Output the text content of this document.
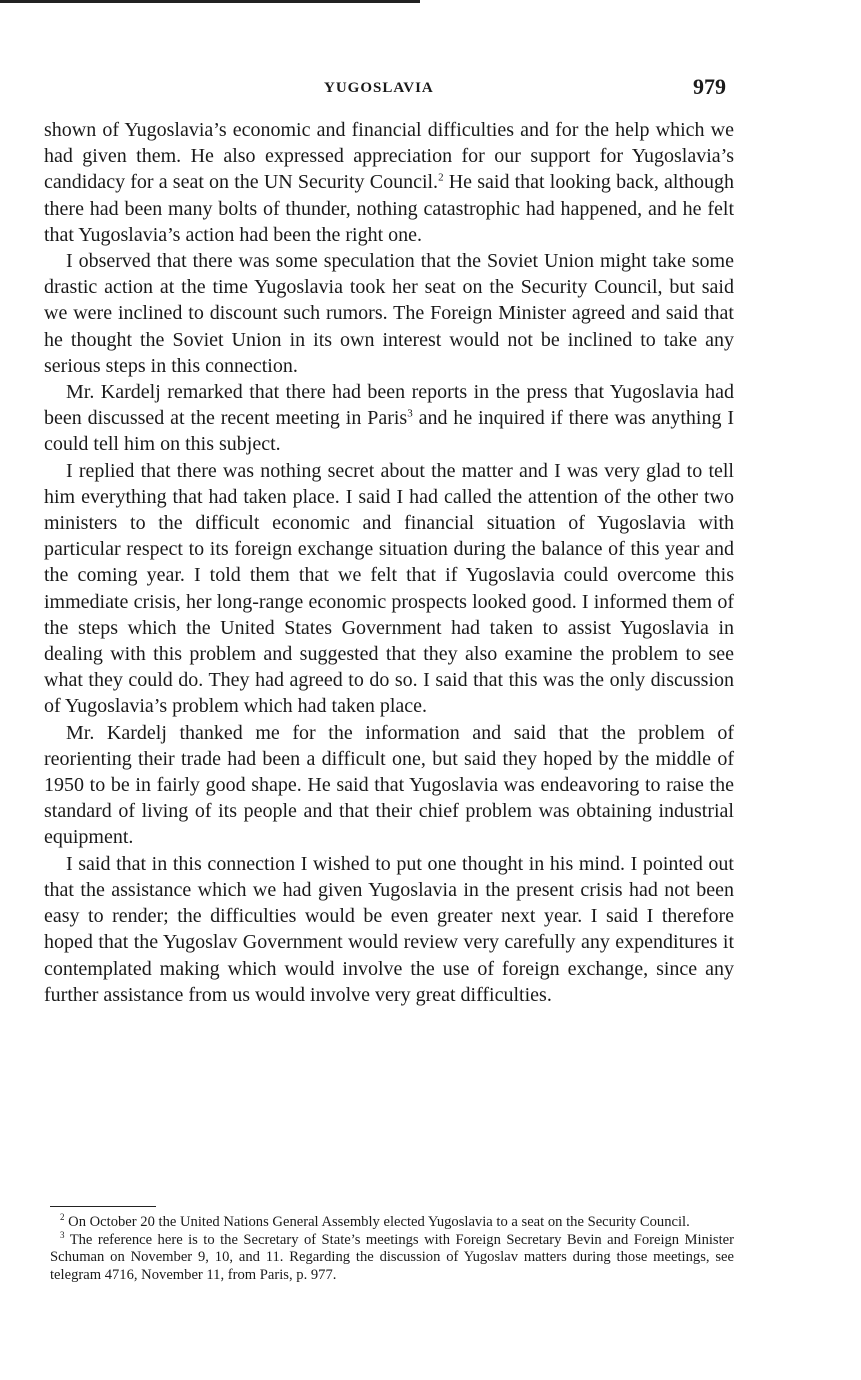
YUGOSLAVIA	979

shown of Yugoslavia’s economic and financial difficulties and for the help which we had given them. He also expressed appreciation for our support for Yugoslavia’s candidacy for a seat on the UN Security Council.$^2$ He said that looking back, although there had been many bolts of thunder, nothing catastrophic had happened, and he felt that Yugoslavia’s action had been the right one.

I observed that there was some speculation that the Soviet Union might take some drastic action at the time Yugoslavia took her seat on the Security Council, but said we were inclined to discount such rumors. The Foreign Minister agreed and said that he thought the Soviet Union in its own interest would not be inclined to take any serious steps in this connection.

Mr. Kardelj remarked that there had been reports in the press that Yugoslavia had been discussed at the recent meeting in Paris$^3$ and he inquired if there was anything I could tell him on this subject.

I replied that there was nothing secret about the matter and I was very glad to tell him everything that had taken place. I said I had called the attention of the other two ministers to the difficult economic and financial situation of Yugoslavia with particular respect to its foreign exchange situation during the balance of this year and the coming year. I told them that we felt that if Yugoslavia could overcome this immediate crisis, her long-range economic prospects looked good. I informed them of the steps which the United States Government had taken to assist Yugoslavia in dealing with this problem and suggested that they also examine the problem to see what they could do. They had agreed to do so. I said that this was the only discussion of Yugoslavia’s problem which had taken place.

Mr. Kardelj thanked me for the information and said that the problem of reorienting their trade had been a difficult one, but said they hoped by the middle of 1950 to be in fairly good shape. He said that Yugoslavia was endeavoring to raise the standard of living of its people and that their chief problem was obtaining industrial equipment.

I said that in this connection I wished to put one thought in his mind. I pointed out that the assistance which we had given Yugoslavia in the present crisis had not been easy to render; the difficulties would be even greater next year. I said I therefore hoped that the Yugoslav Government would review very carefully any expenditures it contemplated making which would involve the use of foreign exchange, since any further assistance from us would involve very great difficulties.

$^2$ On October 20 the United Nations General Assembly elected Yugoslavia to a seat on the Security Council.

$^3$ The reference here is to the Secretary of State’s meetings with Foreign Secretary Bevin and Foreign Minister Schuman on November 9, 10, and 11. Regarding the discussion of Yugoslav matters during those meetings, see telegram 4716, November 11, from Paris, p. 977.
